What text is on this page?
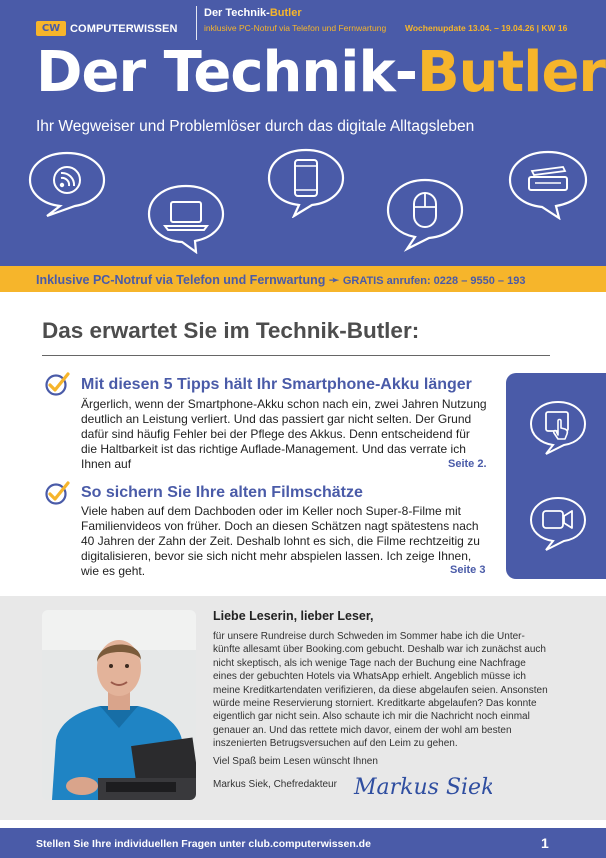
CW COMPUTERWISSEN
Der Technik-Butler
inklusive PC-Notruf via Telefon und Fernwartung Wochenupdate 13.04. – 19.04.26 | KW 16
Der Technik-Butler
Ihr Wegweiser und Problemlöser durch das digitale Alltagsleben
Inklusive PC-Notruf via Telefon und Fernwartung ➛ GRATIS anrufen: 0228 – 9550 – 193
Das erwartet Sie im Technik-Butler:
Mit diesen 5 Tipps hält Ihr Smartphone-Akku länger
Ärgerlich, wenn der Smartphone-Akku schon nach ein, zwei Jahren Nutzung deutlich an Leistung verliert. Und das passiert gar nicht selten. Der Grund dafür sind häufig Fehler bei der Pflege des Akkus. Denn entscheidend für die Haltbarkeit ist das richtige Auflade-Management. Und das verrate ich Ihnen auf	Seite 2.
So sichern Sie Ihre alten Filmschätze
Viele haben auf dem Dachboden oder im Keller noch Super-8-Filme mit Familienvideos von früher. Doch an diesen Schätzen nagt spätestens nach 40 Jahren der Zahn der Zeit. Deshalb lohnt es sich, die Filme rechtzeitig zu digitalisieren, bevor sie sich nicht mehr abspielen lassen. Ich zeige Ihnen, wie es geht.	Seite 3
Liebe Leserin, lieber Leser,
für unsere Rundreise durch Schweden im Sommer habe ich die Unterkünfte allesamt über Booking.com gebucht. Deshalb war ich zunächst auch nicht skeptisch, als ich wenige Tage nach der Buchung eine Nachfrage eines der gebuchten Hotels via WhatsApp erhielt. Angeblich müsse ich meine Kreditkartendaten verifizieren, da diese abgelaufen seien. Ansonsten würde meine Reservierung storniert. Kreditkarte abgelaufen? Das konnte eigentlich gar nicht sein. Also schaute ich mir die Nachricht noch einmal genauer an. Und das rettete mich davor, einem der wohl am besten inszenierten Betrugsversuchen auf den Leim zu gehen.
Viel Spaß beim Lesen wünscht Ihnen
Markus Siek, Chefredakteur Markus Siek
Stellen Sie Ihre individuellen Fragen unter club.computerwissen.de	1
